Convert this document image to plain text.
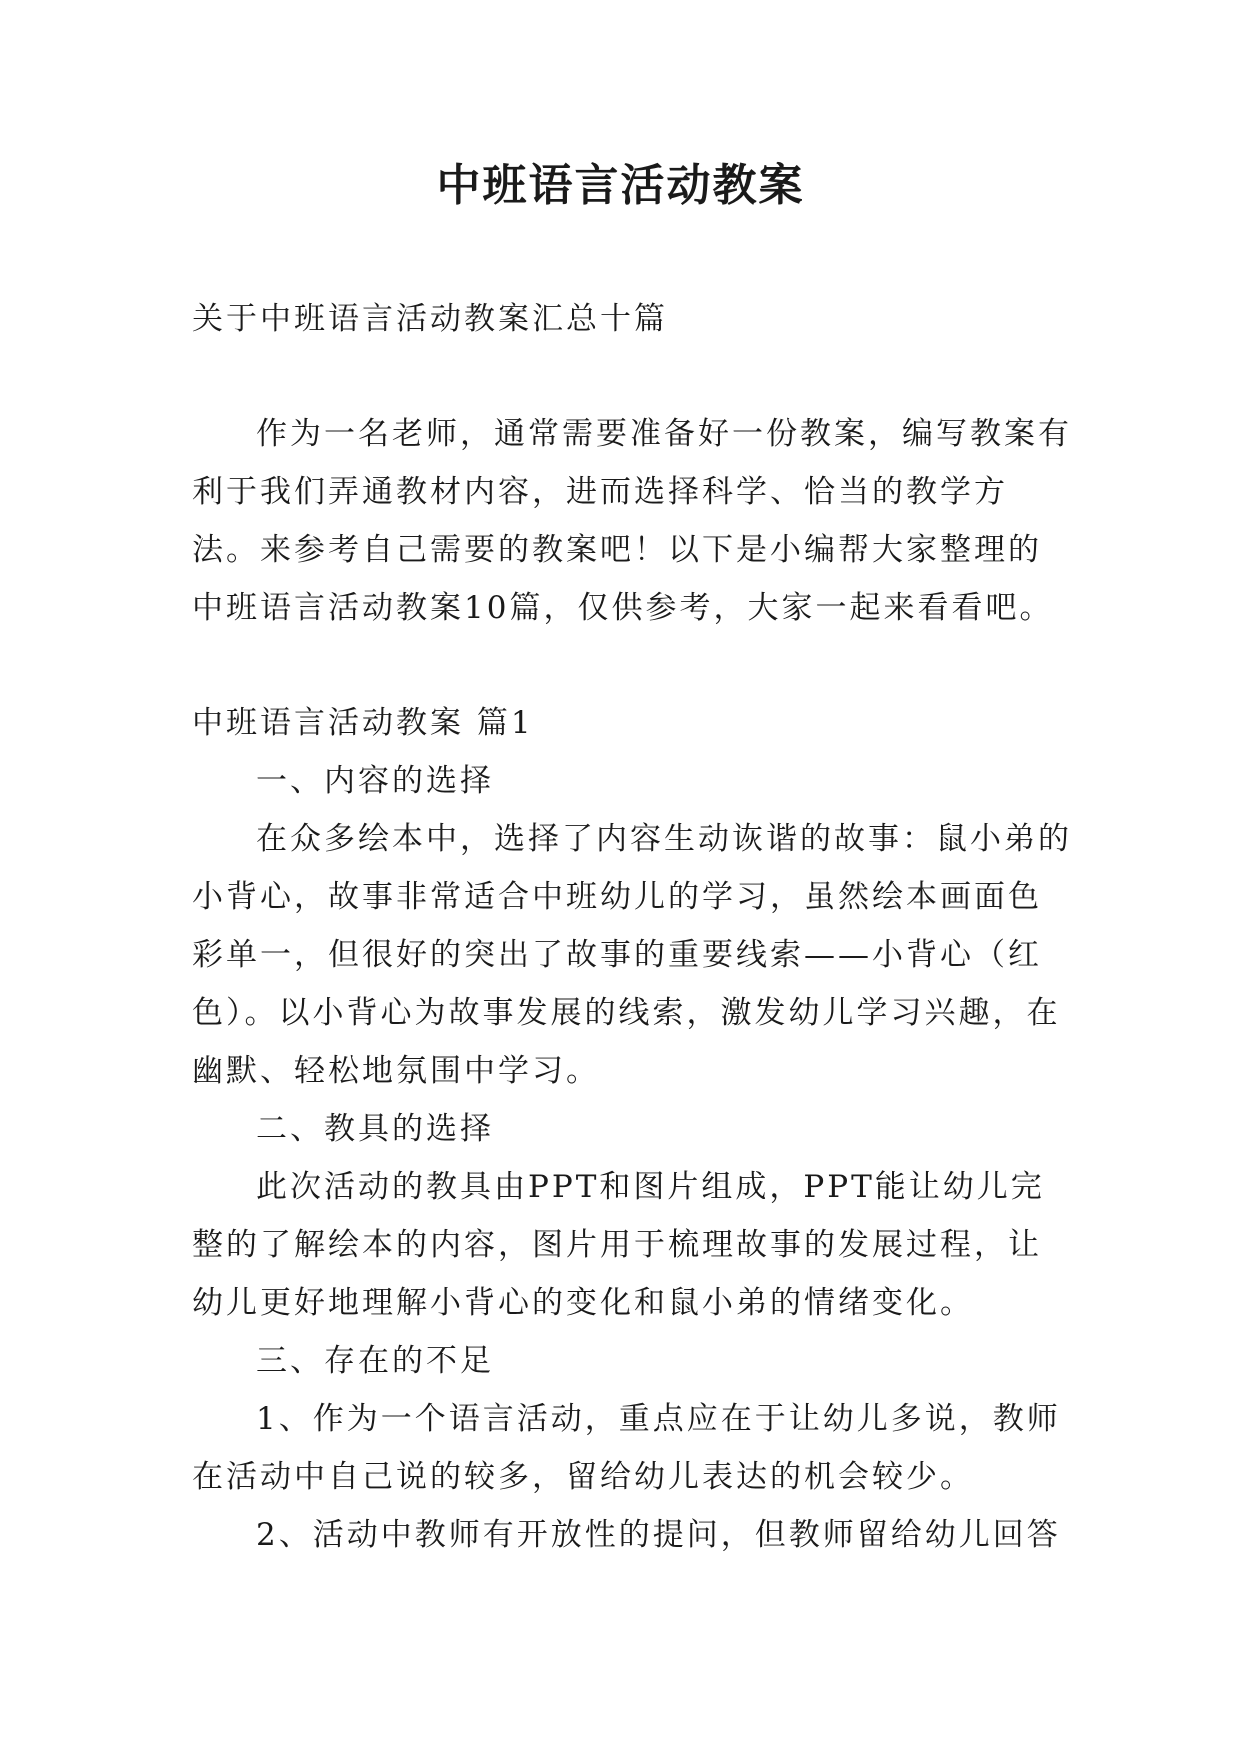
中班语言活动教案

关于中班语言活动教案汇总十篇

作为一名老师，通常需要准备好一份教案，编写教案有利于我们弄通教材内容，进而选择科学、恰当的教学方法。来参考自己需要的教案吧！以下是小编帮大家整理的中班语言活动教案10篇，仅供参考，大家一起来看看吧。

中班语言活动教案 篇1

一、内容的选择

在众多绘本中，选择了内容生动诙谐的故事：鼠小弟的小背心，故事非常适合中班幼儿的学习，虽然绘本画面色彩单一，但很好的突出了故事的重要线索——小背心（红色）。以小背心为故事发展的线索，激发幼儿学习兴趣，在幽默、轻松地氛围中学习。

二、教具的选择

此次活动的教具由PPT和图片组成，PPT能让幼儿完整的了解绘本的内容，图片用于梳理故事的发展过程，让幼儿更好地理解小背心的变化和鼠小弟的情绪变化。

三、存在的不足

1、作为一个语言活动，重点应在于让幼儿多说，教师在活动中自己说的较多，留给幼儿表达的机会较少。

2、活动中教师有开放性的提问，但教师留给幼儿回答
